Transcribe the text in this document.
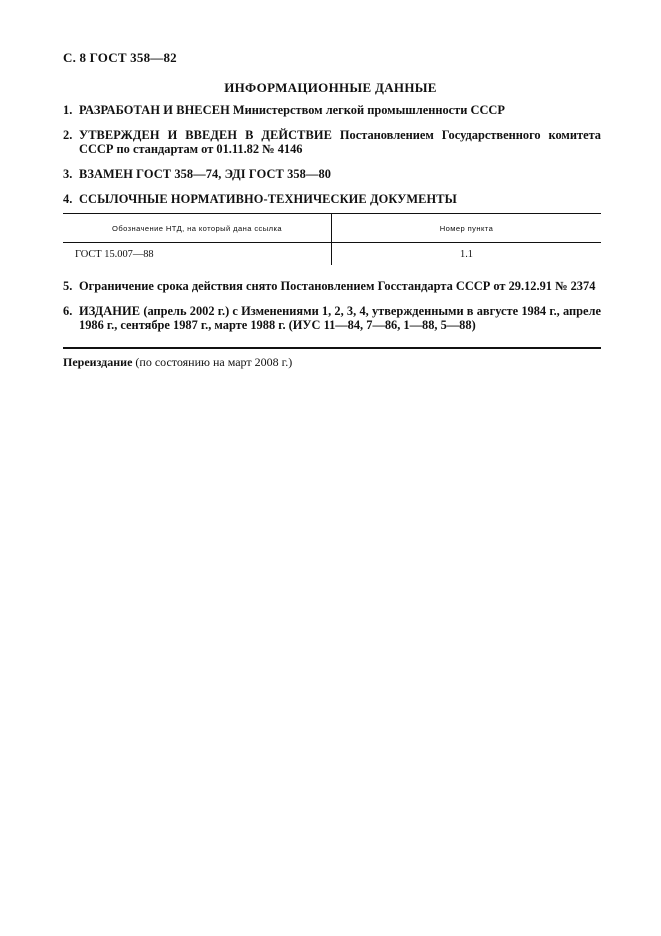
С. 8 ГОСТ 358—82
ИНФОРМАЦИОННЫЕ ДАННЫЕ
1. РАЗРАБОТАН И ВНЕСЕН Министерством легкой промышленности СССР
2. УТВЕРЖДЕН И ВВЕДЕН В ДЕЙСТВИЕ Постановлением Государственного комитета СССР по стандартам от 01.11.82 № 4146
3. ВЗАМЕН ГОСТ 358—74, ЭДІ ГОСТ 358—80
4. ССЫЛОЧНЫЕ НОРМАТИВНО-ТЕХНИЧЕСКИЕ ДОКУМЕНТЫ
Обозначение НТД, на который дана ссылка	Номер пункта
ГОСТ 15.007—88	1.1
5. Ограничение срока действия снято Постановлением Госстандарта СССР от 29.12.91 № 2374
6. ИЗДАНИЕ (апрель 2002 г.) с Изменениями 1, 2, 3, 4, утвержденными в августе 1984 г., апреле 1986 г., сентябре 1987 г., марте 1988 г. (ИУС 11—84, 7—86, 1—88, 5—88)
Переиздание (по состоянию на март 2008 г.)
